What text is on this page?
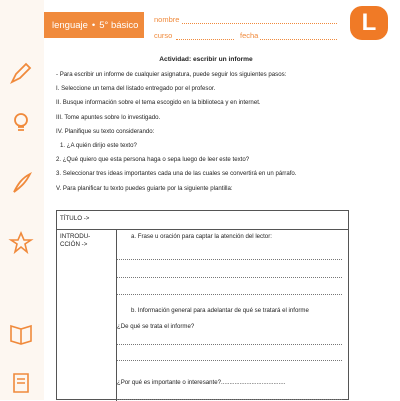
lenguaje • 5° básico nombre
curso	fecha	L
Actividad: escribir un informe

- Para escribir un informe de cualquier asignatura, puede seguir los siguientes pasos:

I. Seleccione un tema del listado entregado por el profesor.

II. Busque información sobre el tema escogido en la biblioteca y en internet.

III. Tome apuntes sobre lo investigado.

IV. Planifique su texto considerando:

1. ¿A quién dirijo este texto?

2. ¿Qué quiero que esta persona haga o sepa luego de leer este texto?

3. Seleccionar tres ideas importantes cada una de las cuales se convertirá en un párrafo.

V. Para planificar tu texto puedes guiarte por la siguiente plantilla:

TÍTULO ->
INTRODU-
CCIÓN ->
a. Frase u oración para captar la atención del lector:
b. Información general para adelantar de qué se tratará el informe
¿De qué se trata el informe?
¿Por qué es importante o interesante?......................................
